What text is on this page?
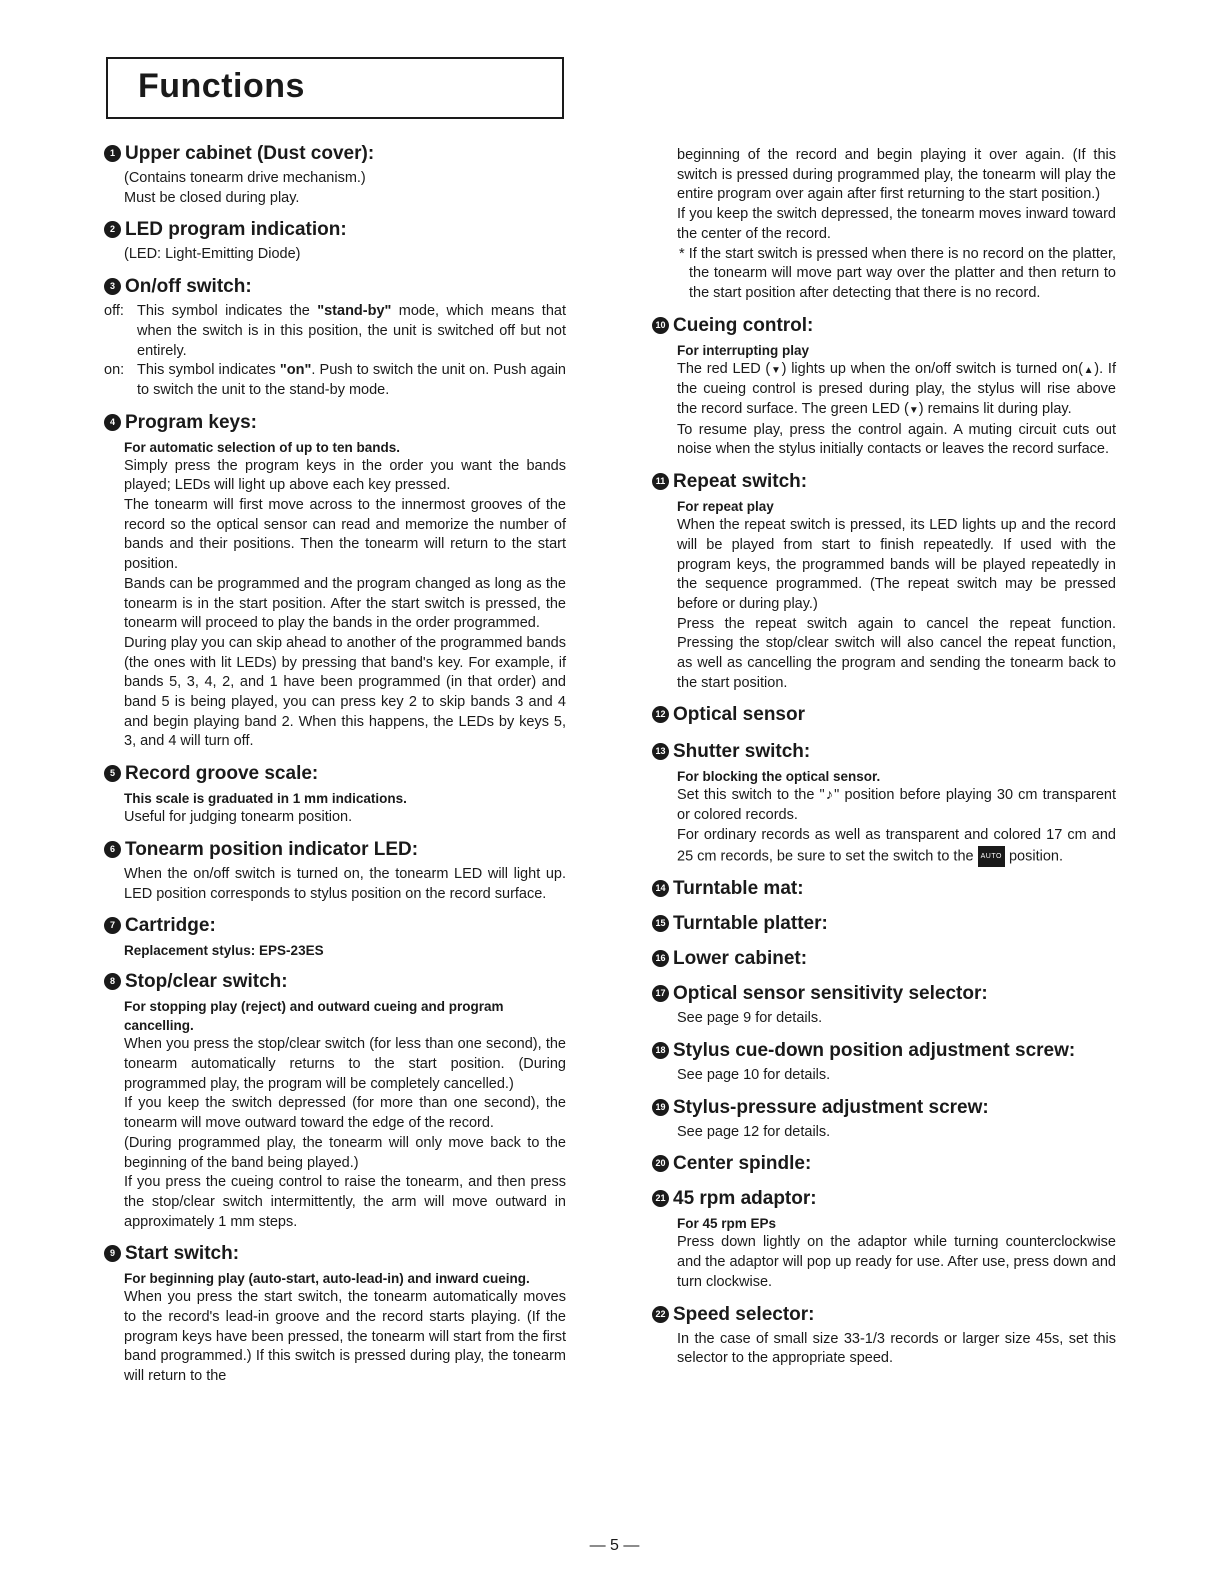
Functions
1 Upper cabinet (Dust cover):

(Contains tonearm drive mechanism.)

Must be closed during play.

2 LED program indication:

(LED: Light-Emitting Diode)

3 On/off switch:
off: This symbol indicates the "stand-by" mode, which means that when the switch is in this position, the unit is switched off but not entirely.
on: This symbol indicates "on". Push to switch the unit on. Push again to switch the unit to the stand-by mode.
4 Program keys:

For automatic selection of up to ten bands.

Simply press the program keys in the order you want the bands played; LEDs will light up above each key pressed.

The tonearm will first move across to the innermost grooves of the record so the optical sensor can read and memorize the number of bands and their positions. Then the tonearm will return to the start position.

Bands can be programmed and the program changed as long as the tonearm is in the start position. After the start switch is pressed, the tonearm will proceed to play the bands in the order programmed.

During play you can skip ahead to another of the programmed bands (the ones with lit LEDs) by pressing that band's key. For example, if bands 5, 3, 4, 2, and 1 have been programmed (in that order) and band 5 is being played, you can press key 2 to skip bands 3 and 4 and begin playing band 2. When this happens, the LEDs by keys 5, 3, and 4 will turn off.

5 Record groove scale:

This scale is graduated in 1 mm indications.

Useful for judging tonearm position.

6 Tonearm position indicator LED:

When the on/off switch is turned on, the tonearm LED will light up. LED position corresponds to stylus position on the record surface.

7 Cartridge:

Replacement stylus: EPS-23ES

8 Stop/clear switch:

For stopping play (reject) and outward cueing and program cancelling.

When you press the stop/clear switch (for less than one second), the tonearm automatically returns to the start position. (During programmed play, the program will be completely cancelled.)

If you keep the switch depressed (for more than one second), the tonearm will move outward toward the edge of the record.

(During programmed play, the tonearm will only move back to the beginning of the band being played.)

If you press the cueing control to raise the tonearm, and then press the stop/clear switch intermittently, the arm will move outward in approximately 1 mm steps.

9 Start switch:

For beginning play (auto-start, auto-lead-in) and inward cueing.

When you press the start switch, the tonearm automatically moves to the record's lead-in groove and the record starts playing. (If the program keys have been pressed, the tonearm will start from the first band programmed.) If this switch is pressed during play, the tonearm will return to the

beginning of the record and begin playing it over again. (If this switch is pressed during programmed play, the tonearm will play the entire program over again after first returning to the start position.)

If you keep the switch depressed, the tonearm moves inward toward the center of the record.

* If the start switch is pressed when there is no record on the platter, the tonearm will move part way over the platter and then return to the start position after detecting that there is no record.

10 Cueing control:

For interrupting play

The red LED (▼) lights up when the on/off switch is turned on(▲). If the cueing control is presed during play, the stylus will rise above the record surface. The green LED (▼) remains lit during play.

To resume play, press the control again. A muting circuit cuts out noise when the stylus initially contacts or leaves the record surface.

11 Repeat switch:

For repeat play

When the repeat switch is pressed, its LED lights up and the record will be played from start to finish repeatedly. If used with the program keys, the programmed bands will be played repeatedly in the sequence programmed. (The repeat switch may be pressed before or during play.)

Press the repeat switch again to cancel the repeat function. Pressing the stop/clear switch will also cancel the repeat function, as well as cancelling the program and sending the tonearm back to the start position.

12 Optical sensor
13 Shutter switch:

For blocking the optical sensor.

Set this switch to the "♪" position before playing 30 cm transparent or colored records.

For ordinary records as well as transparent and colored 17 cm and 25 cm records, be sure to set the switch to the AUTO position.

14 Turntable mat:
15 Turntable platter:
16 Lower cabinet:
17 Optical sensor sensitivity selector:

See page 9 for details.

18 Stylus cue-down position adjustment screw:

See page 10 for details.

19 Stylus-pressure adjustment screw:

See page 12 for details.

20 Center spindle:
21 45 rpm adaptor:

For 45 rpm EPs

Press down lightly on the adaptor while turning counterclockwise and the adaptor will pop up ready for use. After use, press down and turn clockwise.

22 Speed selector:

In the case of small size 33-1/3 records or larger size 45s, set this selector to the appropriate speed.

— 5 —
